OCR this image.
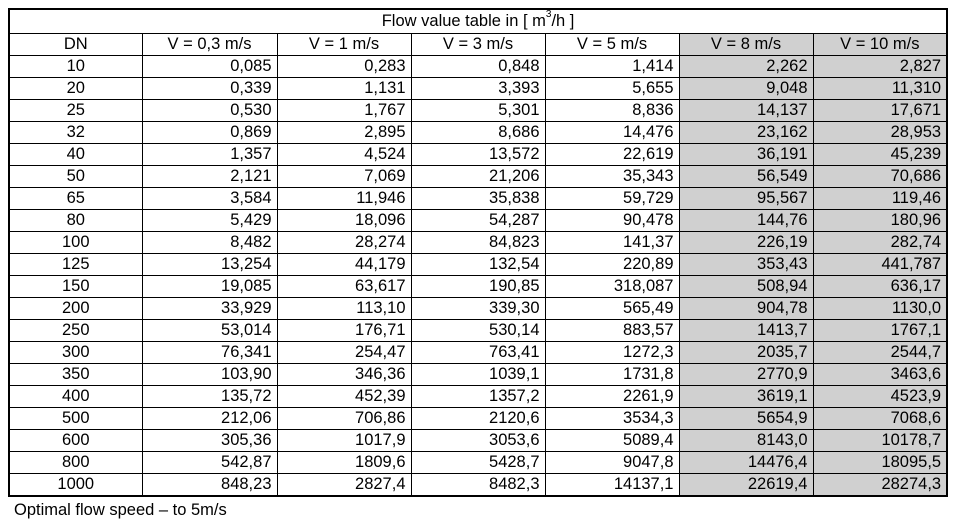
Flow value table in [ $m^3/h$ ]						
DN	V = 0,3 m/s	V = 1 m/s	V = 3 m/s	V = 5 m/s	V = 8 m/s	V = 10 m/s
10	0,085	0,283	0,848	1,414	2,262	2,827
20	0,339	1,131	3,393	5,655	9,048	11,310
25	0,530	1,767	5,301	8,836	14,137	17,671
32	0,869	2,895	8,686	14,476	23,162	28,953
40	1,357	4,524	13,572	22,619	36,191	45,239
50	2,121	7,069	21,206	35,343	56,549	70,686
65	3,584	11,946	35,838	59,729	95,567	119,46
80	5,429	18,096	54,287	90,478	144,76	180,96
100	8,482	28,274	84,823	141,37	226,19	282,74
125	13,254	44,179	132,54	220,89	353,43	441,787
150	19,085	63,617	190,85	318,087	508,94	636,17
200	33,929	113,10	339,30	565,49	904,78	1130,0
250	53,014	176,71	530,14	883,57	1413,7	1767,1
300	76,341	254,47	763,41	1272,3	2035,7	2544,7
350	103,90	346,36	1039,1	1731,8	2770,9	3463,6
400	135,72	452,39	1357,2	2261,9	3619,1	4523,9
500	212,06	706,86	2120,6	3534,3	5654,9	7068,6
600	305,36	1017,9	3053,6	5089,4	8143,0	10178,7
800	542,87	1809,6	5428,7	9047,8	14476,4	18095,5
1000	848,23	2827,4	8482,3	14137,1	22619,4	28274,3
Optimal flow speed – to 5m/s
